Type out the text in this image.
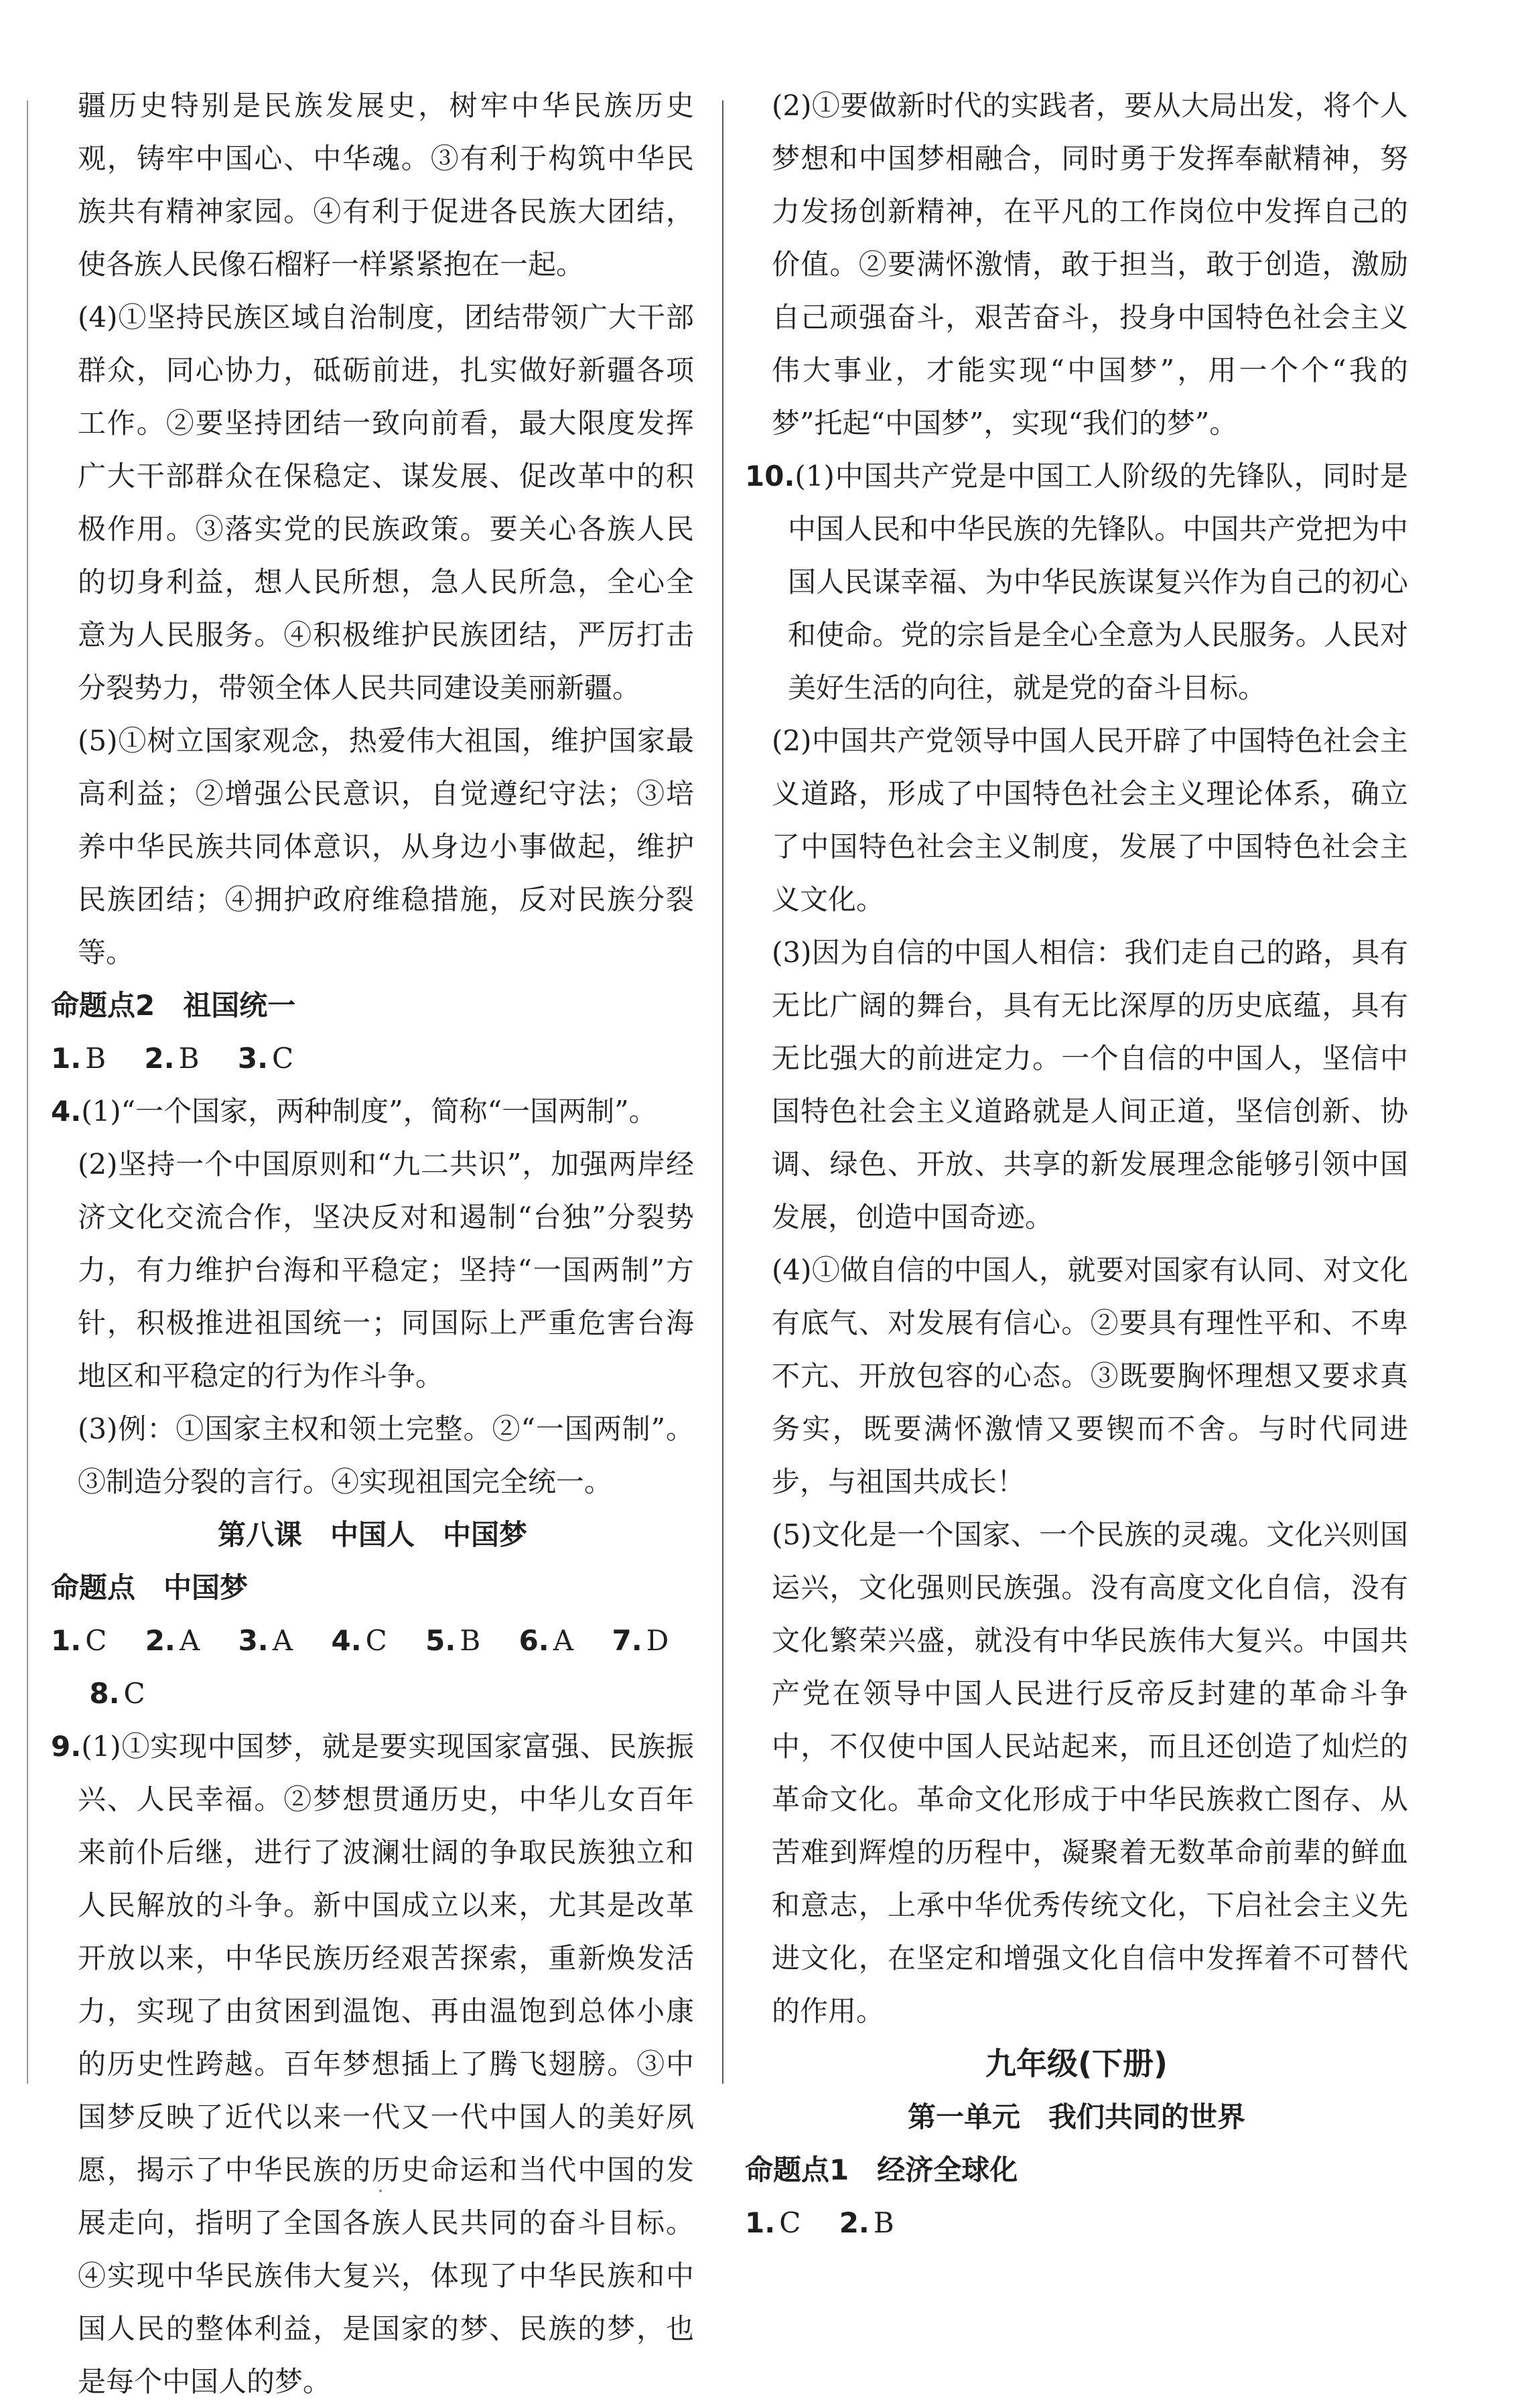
疆历史特别是民族发展史，树牢中华民族历史观，铸牢中国心、中华魂。③有利于构筑中华民族共有精神家园。④有利于促进各民族大团结，使各族人民像石榴籽一样紧紧抱在一起。

(4)①坚持民族区域自治制度，团结带领广大干部群众，同心协力，砥砺前进，扎实做好新疆各项工作。②要坚持团结一致向前看，最大限度发挥广大干部群众在保稳定、谋发展、促改革中的积极作用。③落实党的民族政策。要关心各族人民的切身利益，想人民所想，急人民所急，全心全意为人民服务。④积极维护民族团结，严厉打击分裂势力，带领全体人民共同建设美丽新疆。

(5)①树立国家观念，热爱伟大祖国，维护国家最高利益；②增强公民意识，自觉遵纪守法；③培养中华民族共同体意识，从身边小事做起，维护民族团结；④拥护政府维稳措施，反对民族分裂等。

命题点2　祖国统一

1. B 2. B 3. C

4.(1)“一个国家，两种制度”，简称“一国两制”。

(2)坚持一个中国原则和“九二共识”，加强两岸经济文化交流合作，坚决反对和遏制“台独”分裂势力，有力维护台海和平稳定；坚持“一国两制”方针，积极推进祖国统一；同国际上严重危害台海地区和平稳定的行为作斗争。

(3)例：①国家主权和领土完整。②“一国两制”。③制造分裂的言行。④实现祖国完全统一。

第八课　中国人　中国梦

命题点　中国梦

1. C 2. A 3. A 4. C 5. B 6. A 7. D 8. C

9.(1)①实现中国梦，就是要实现国家富强、民族振兴、人民幸福。②梦想贯通历史，中华儿女百年来前仆后继，进行了波澜壮阔的争取民族独立和人民解放的斗争。新中国成立以来，尤其是改革开放以来，中华民族历经艰苦探索，重新焕发活力，实现了由贫困到温饱、再由温饱到总体小康的历史性跨越。百年梦想插上了腾飞翅膀。③中国梦反映了近代以来一代又一代中国人的美好夙愿，揭示了中华民族的历史命运和当代中国的发展走向，指明了全国各族人民共同的奋斗目标。④实现中华民族伟大复兴，体现了中华民族和中国人民的整体利益，是国家的梦、民族的梦，也是每个中国人的梦。

(2)①要做新时代的实践者，要从大局出发，将个人梦想和中国梦相融合，同时勇于发挥奉献精神，努力发扬创新精神，在平凡的工作岗位中发挥自己的价值。②要满怀激情，敢于担当，敢于创造，激励自己顽强奋斗，艰苦奋斗，投身中国特色社会主义伟大事业，才能实现“中国梦”，用一个个“我的梦”托起“中国梦”，实现“我们的梦”。

10.(1)中国共产党是中国工人阶级的先锋队，同时是中国人民和中华民族的先锋队。中国共产党把为中国人民谋幸福、为中华民族谋复兴作为自己的初心和使命。党的宗旨是全心全意为人民服务。人民对美好生活的向往，就是党的奋斗目标。

(2)中国共产党领导中国人民开辟了中国特色社会主义道路，形成了中国特色社会主义理论体系，确立了中国特色社会主义制度，发展了中国特色社会主义文化。

(3)因为自信的中国人相信：我们走自己的路，具有无比广阔的舞台，具有无比深厚的历史底蕴，具有无比强大的前进定力。一个自信的中国人，坚信中国特色社会主义道路就是人间正道，坚信创新、协调、绿色、开放、共享的新发展理念能够引领中国发展，创造中国奇迹。

(4)①做自信的中国人，就要对国家有认同、对文化有底气、对发展有信心。②要具有理性平和、不卑不亢、开放包容的心态。③既要胸怀理想又要求真务实，既要满怀激情又要锲而不舍。与时代同进步，与祖国共成长！

(5)文化是一个国家、一个民族的灵魂。文化兴则国运兴，文化强则民族强。没有高度文化自信，没有文化繁荣兴盛，就没有中华民族伟大复兴。中国共产党在领导中国人民进行反帝反封建的革命斗争中，不仅使中国人民站起来，而且还创造了灿烂的革命文化。革命文化形成于中华民族救亡图存、从苦难到辉煌的历程中，凝聚着无数革命前辈的鲜血和意志，上承中华优秀传统文化，下启社会主义先进文化，在坚定和增强文化自信中发挥着不可替代的作用。

九年级(下册)

第一单元　我们共同的世界

命题点1　经济全球化

1. C 2. B
